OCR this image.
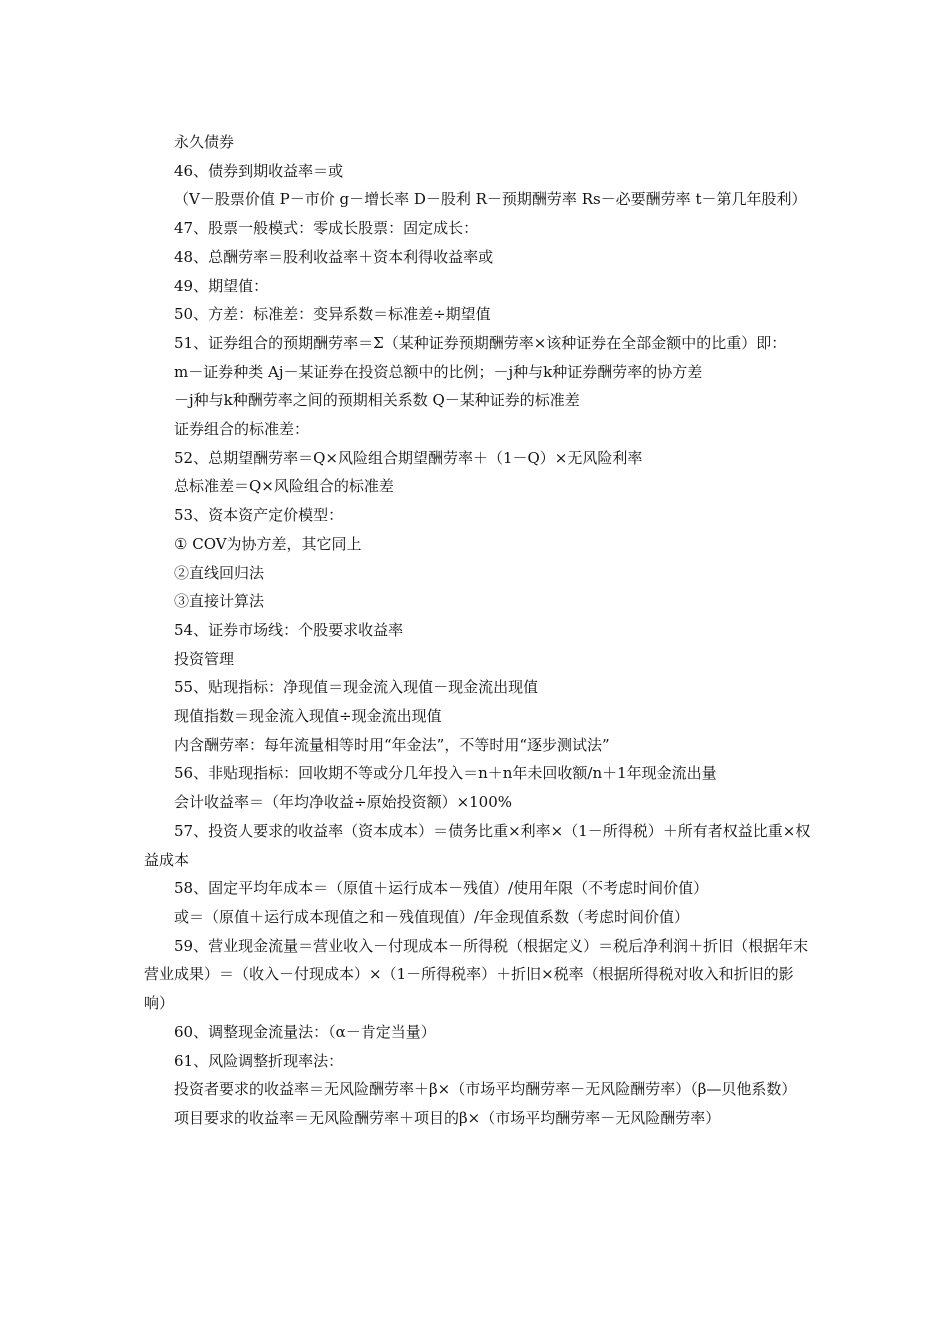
永久债券

46、债券到期收益率＝或

（V－股票价值 P－市价 g－增长率 D－股利 R－预期酬劳率 Rs－必要酬劳率 t－第几年股利）

47、股票一般模式：零成长股票：固定成长：

48、总酬劳率＝股利收益率＋资本利得收益率或

49、期望值：

50、方差：标准差：变异系数＝标准差÷期望值

51、证券组合的预期酬劳率＝Σ（某种证券预期酬劳率×该种证券在全部金额中的比重）即：

m－证券种类 Aj－某证券在投资总额中的比例；－j种与k种证券酬劳率的协方差

－j种与k种酬劳率之间的预期相关系数 Q－某种证券的标准差

证券组合的标准差：

52、总期望酬劳率＝Q×风险组合期望酬劳率＋（1－Q）×无风险利率

总标准差＝Q×风险组合的标准差

53、资本资产定价模型：

① COV为协方差，其它同上

②直线回归法

③直接计算法

54、证券市场线：个股要求收益率

投资管理

55、贴现指标：净现值＝现金流入现值－现金流出现值

现值指数＝现金流入现值÷现金流出现值

内含酬劳率：每年流量相等时用“年金法”，不等时用“逐步测试法”

56、非贴现指标：回收期不等或分几年投入＝n＋n年未回收额/n＋1年现金流出量

会计收益率＝（年均净收益÷原始投资额）×100%

57、投资人要求的收益率（资本成本）＝债务比重×利率×（1－所得税）＋所有者权益比重×权益成本

58、固定平均年成本＝（原值＋运行成本－残值）/使用年限（不考虑时间价值）

或＝（原值＋运行成本现值之和－残值现值）/年金现值系数（考虑时间价值）

59、营业现金流量＝营业收入－付现成本－所得税（根据定义）＝税后净利润＋折旧（根据年末营业成果）＝（收入－付现成本）×（1－所得税率）＋折旧×税率（根据所得税对收入和折旧的影响）

60、调整现金流量法：（α－肯定当量）

61、风险调整折现率法：

投资者要求的收益率＝无风险酬劳率＋β×（市场平均酬劳率－无风险酬劳率）（β—贝他系数）

项目要求的收益率＝无风险酬劳率＋项目的β×（市场平均酬劳率－无风险酬劳率）
